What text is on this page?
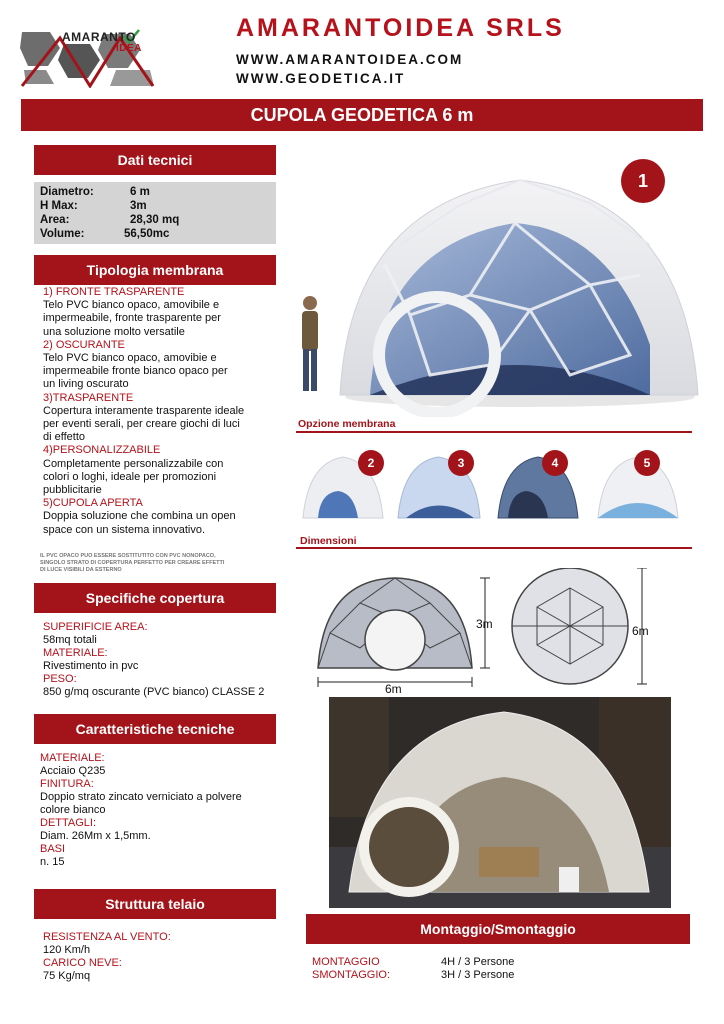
AMARANTO
IDEA
AMARANTOIDEA SRLS
WWW.AMARANTOIDEA.COM
WWW.GEODETICA.IT
CUPOLA GEODETICA 6 m
Dati tecnici
Diametro:	6 m
H Max:	3m
Area:	28,30 mq
Volume:	56,50mc
Tipologia membrana
1) FRONTE TRASPARENTE
Telo PVC bianco opaco, amovibile e
impermeabile, fronte trasparente per
una soluzione molto versatile
2) OSCURANTE
Telo PVC bianco opaco, amovibie e
impermeabile fronte bianco opaco per
un living oscurato
3)TRASPARENTE
Copertura interamente trasparente ideale
per eventi serali, per creare giochi di luci
di effetto
4)PERSONALIZZABILE
Completamente personalizzabile con
colori o loghi, ideale per promozioni
pubblicitarie
5)CUPOLA APERTA
Doppia soluzione che combina un open
space con un sistema innovativo.
IL PVC OPACO PUO ESSERE SOSTITUTITO CON PVC NONOPACO,
SINGOLO STRATO DI COPERTURA PERFETTO PER CREARE EFFETTI
DI LUCE VISIBILI DA ESTERNO
Specifiche copertura
SUPERIFICIE AREA:
58mq totali
MATERIALE:
Rivestimento in pvc
PESO:
850 g/mq oscurante (PVC bianco) CLASSE 2
Caratteristiche tecniche
MATERIALE:
Acciaio Q235
FINITURA:
Doppio strato zincato verniciato a polvere
colore bianco
DETTAGLI:
Diam. 26Mm x 1,5mm.
BASI
n. 15
Struttura telaio
RESISTENZA AL VENTO:
120 Km/h
CARICO NEVE:
75 Kg/mq
1
Opzione membrana
2	3	4	5
Dimensioni
3m
6m
6m
Montaggio/Smontaggio
MONTAGGIO	4H / 3 Persone
SMONTAGGIO:	3H / 3 Persone
